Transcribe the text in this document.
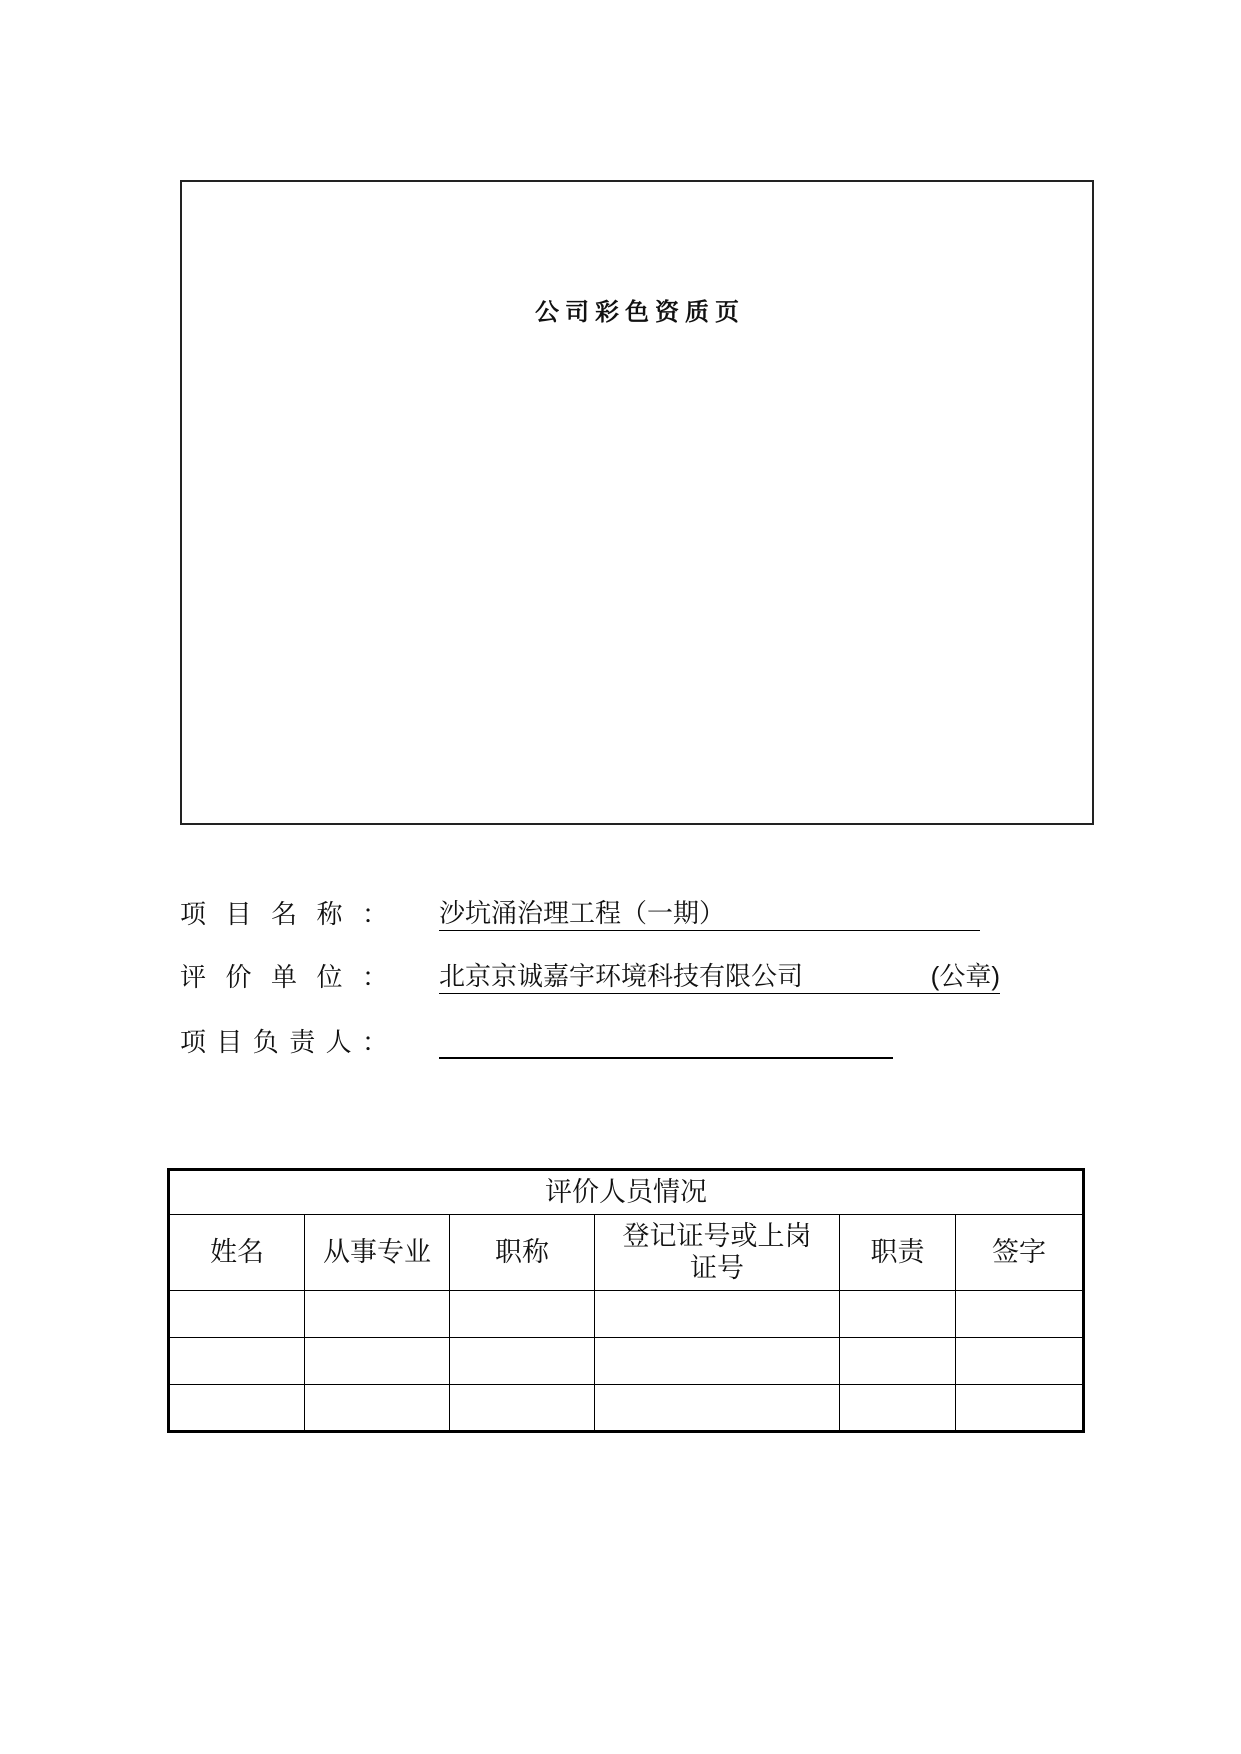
公司彩色资质页
项 目 名 称 ： 沙坑涌治理工程（一期）
评 价 单 位 ： 北京京诚嘉宇环境科技有限公司	(公章)
项 目 负 责 人 ：
评价人员情况					
姓名	从事专业	职称	登记证号或上岗证号	职责	签字
